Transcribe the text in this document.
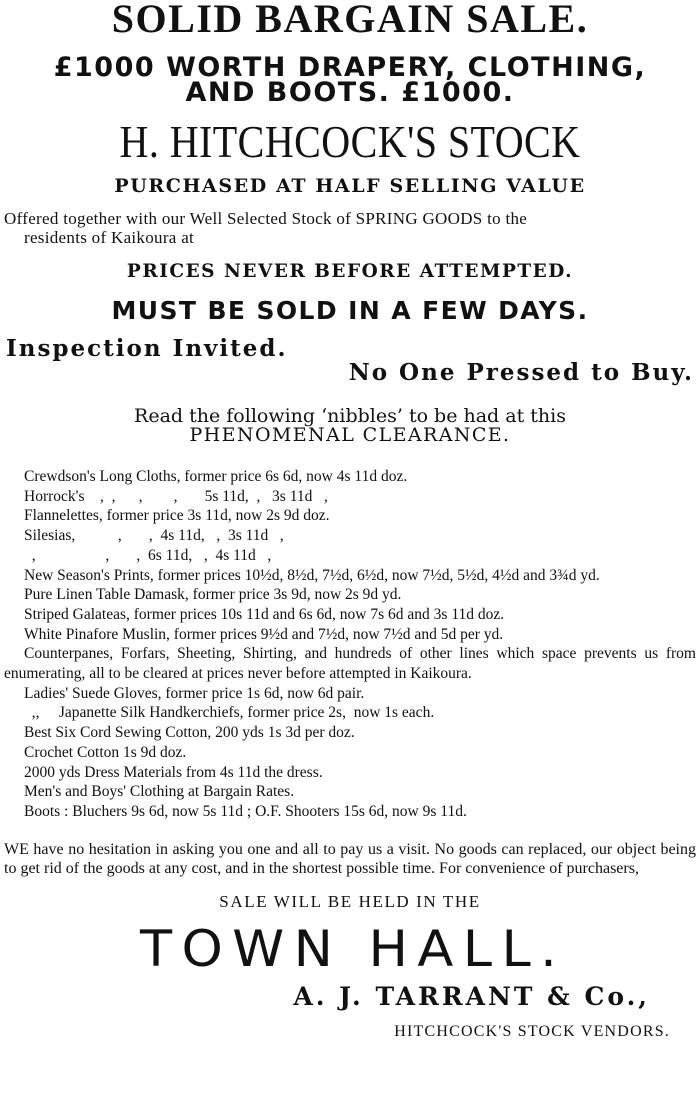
SOLID BARGAIN SALE.
£1000 WORTH DRAPERY, CLOTHING,
AND BOOTS. £1000.
H. HITCHCOCK'S STOCK
PURCHASED AT HALF SELLING VALUE
Offered together with our Well Selected Stock of SPRING GOODS to the
residents of Kaikoura at
PRICES NEVER BEFORE ATTEMPTED.
MUST BE SOLD IN A FEW DAYS.
Inspection Invited.
No One Pressed to Buy.
Read the following ‘nibbles’ to be had at this
PHENOMENAL CLEARANCE.
Crewdson's Long Cloths, former price 6s 6d, now 4s 11d doz.
Horrock's    ,  ,      ,        ,       5s 11d,  ,   3s 11d   ,
Flannelettes, former price 3s 11d, now 2s 9d doz.
Silesias,           ,       ,  4s 11d,   ,  3s 11d   ,
,                  ,       ,  6s 11d,   ,  4s 11d   ,
New Season's Prints, former prices 10½d, 8½d, 7½d, 6½d, now 7½d, 5½d, 4½d and 3¾d yd.
Pure Linen Table Damask, former price 3s 9d, now 2s 9d yd.
Striped Galateas, former prices 10s 11d and 6s 6d, now 7s 6d and 3s 11d doz.
White Pinafore Muslin, former prices 9½d and 7½d, now 7½d and 5d per yd.
Counterpanes, Forfars, Sheeting, Shirting, and hundreds of other lines which space prevents us from enumerating, all to be cleared at prices never before attempted in Kaikoura.
Ladies' Suede Gloves, former price 1s 6d, now 6d pair.
,,     Japanette Silk Handkerchiefs, former price 2s,  now 1s each.
Best Six Cord Sewing Cotton, 200 yds 1s 3d per doz.
Crochet Cotton 1s 9d doz.
2000 yds Dress Materials from 4s 11d the dress.
Men's and Boys' Clothing at Bargain Rates.
Boots : Bluchers 9s 6d, now 5s 11d ; O.F. Shooters 15s 6d, now 9s 11d.
WE have no hesitation in asking you one and all to pay us a visit. No goods can replaced, our object being to get rid of the goods at any cost, and in the shortest possible time. For convenience of purchasers,
SALE WILL BE HELD IN THE
TOWN HALL.
A. J. TARRANT & Co.,
HITCHCOCK'S STOCK VENDORS.
